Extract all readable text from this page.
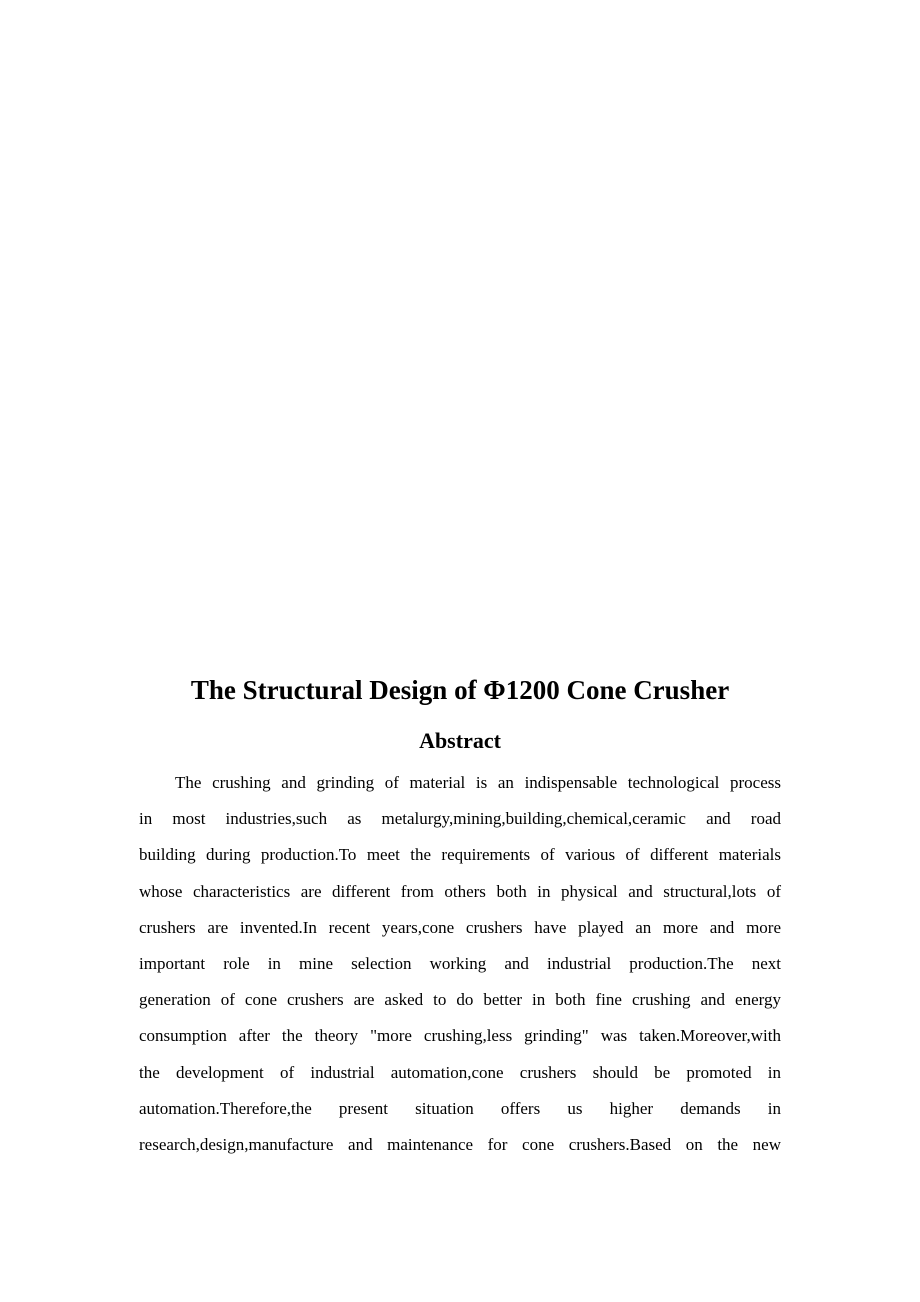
The Structural Design of Φ1200 Cone Crusher
Abstract
The crushing and grinding of material is an indispensable technological process
in most industries,such as metalurgy,mining,building,chemical,ceramic and road
building during production.To meet the requirements of various of different materials
whose characteristics are different from others both in physical and structural,lots of
crushers are invented.In recent years,cone crushers have played an more and more
important role in mine selection working and industrial production.The next
generation of cone crushers are asked to do better in both fine crushing and energy
consumption after the theory "more crushing,less grinding" was taken.Moreover,with
the development of industrial automation,cone crushers should be promoted in
automation.Therefore,the present situation offers us higher demands in
research,design,manufacture and maintenance for cone crushers.Based on the new
